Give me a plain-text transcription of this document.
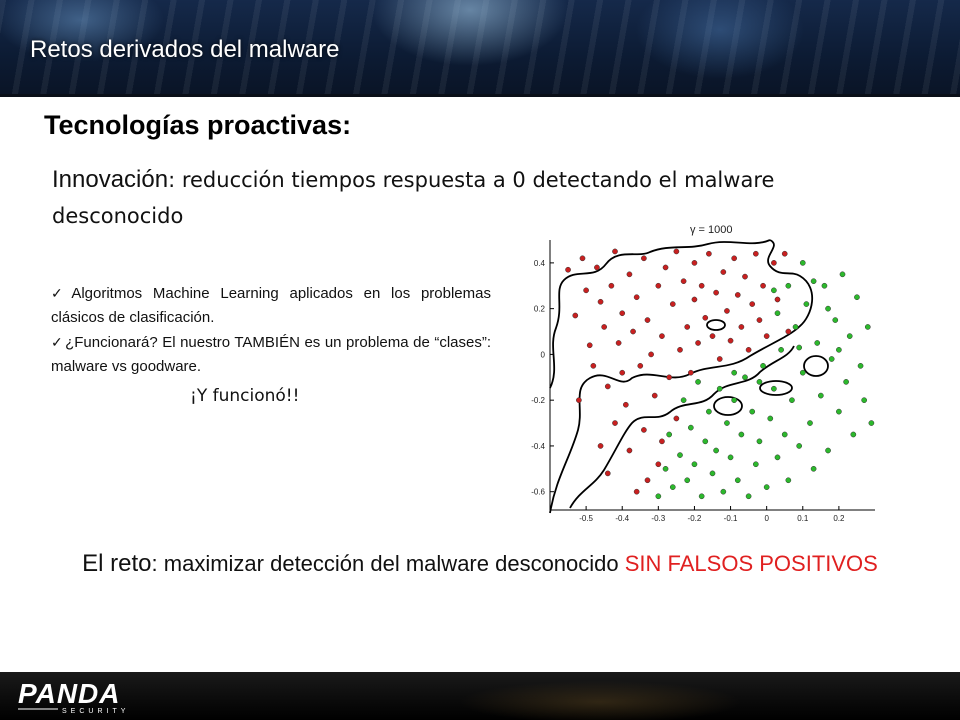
Retos derivados del malware
Tecnologías proactivas:
Innovación: reducción tiempos respuesta a 0 detectando el malware desconocido
✓ Algoritmos Machine Learning aplicados en los problemas clásicos de clasificación.
✓ ¿Funcionará? El nuestro TAMBIÉN es un problema de “clases”: malware vs goodware.
¡Y funcionó!!
γ = 1000
0.4
0.2
0
-0.2
-0.4
-0.6
-0.5	-0.4	-0.3	-0.2	-0.1	0	0.1	0.2
El reto: maximizar detección del malware desconocido SIN FALSOS POSITIVOS
PANDA
SECURITY
